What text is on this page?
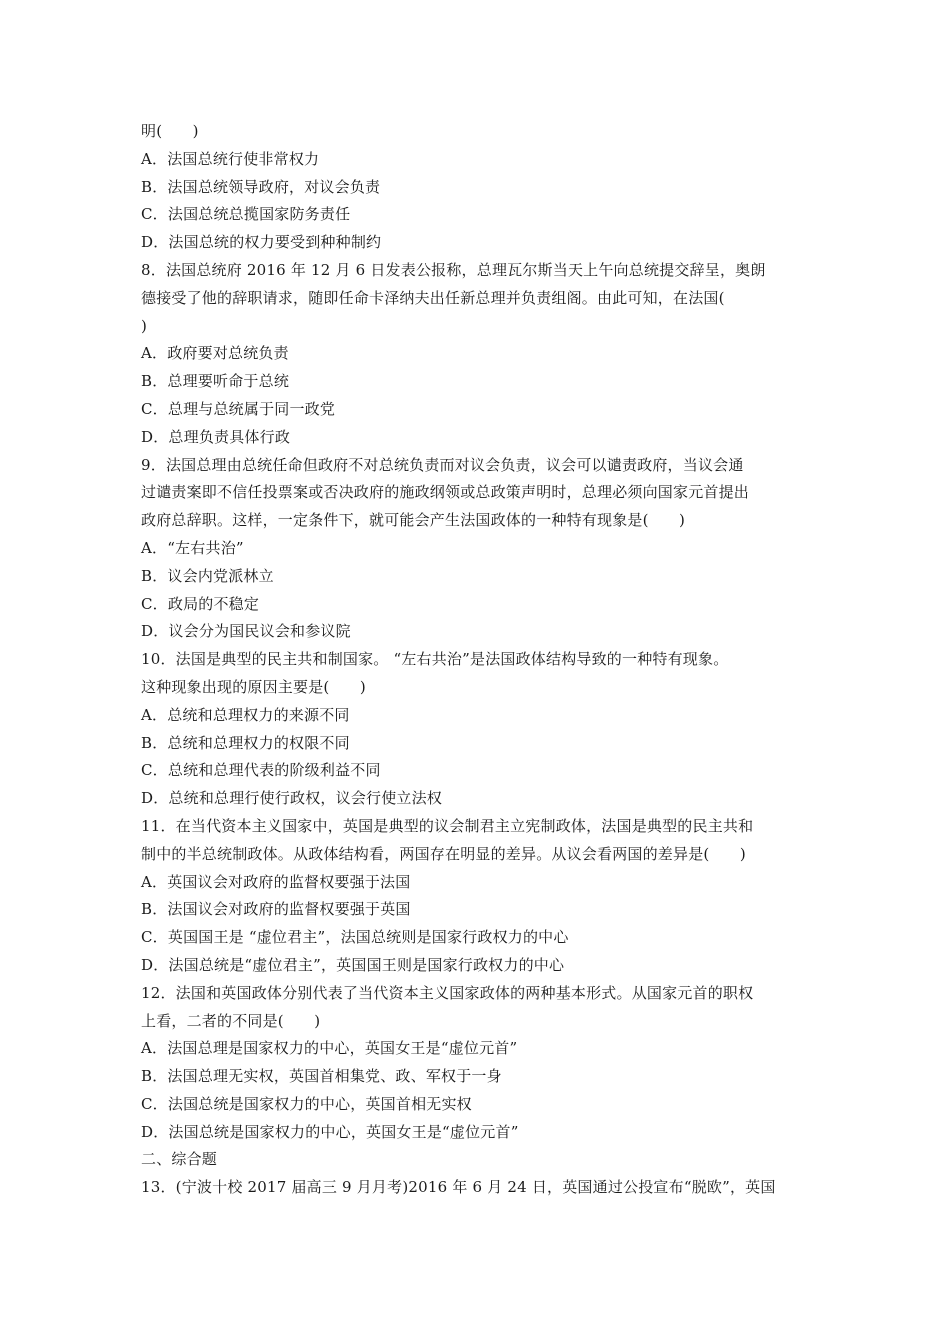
明(　　)
A．法国总统行使非常权力
B．法国总统领导政府，对议会负责
C．法国总统总揽国家防务责任
D．法国总统的权力要受到种种制约
8．法国总统府 2016 年 12 月 6 日发表公报称，总理瓦尔斯当天上午向总统提交辞呈，奥朗
德接受了他的辞职请求，随即任命卡泽纳夫出任新总理并负责组阁。由此可知，在法国(
)
A．政府要对总统负责
B．总理要听命于总统
C．总理与总统属于同一政党
D．总理负责具体行政
9．法国总理由总统任命但政府不对总统负责而对议会负责，议会可以谴责政府，当议会通
过谴责案即不信任投票案或否决政府的施政纲领或总政策声明时，总理必须向国家元首提出
政府总辞职。这样，一定条件下，就可能会产生法国政体的一种特有现象是(　　)
A．“左右共治”
B．议会内党派林立
C．政局的不稳定
D．议会分为国民议会和参议院
10．法国是典型的民主共和制国家。 “左右共治”是法国政体结构导致的一种特有现象。
这种现象出现的原因主要是(　　)
A．总统和总理权力的来源不同
B．总统和总理权力的权限不同
C．总统和总理代表的阶级利益不同
D．总统和总理行使行政权，议会行使立法权
11．在当代资本主义国家中，英国是典型的议会制君主立宪制政体，法国是典型的民主共和
制中的半总统制政体。从政体结构看，两国存在明显的差异。从议会看两国的差异是(　　)
A．英国议会对政府的监督权要强于法国
B．法国议会对政府的监督权要强于英国
C．英国国王是 “虚位君主”，法国总统则是国家行政权力的中心
D．法国总统是“虚位君主”，英国国王则是国家行政权力的中心
12．法国和英国政体分别代表了当代资本主义国家政体的两种基本形式。从国家元首的职权
上看，二者的不同是(　　)
A．法国总理是国家权力的中心，英国女王是“虚位元首”
B．法国总理无实权，英国首相集党、政、军权于一身
C．法国总统是国家权力的中心，英国首相无实权
D．法国总统是国家权力的中心，英国女王是“虚位元首”
二、综合题
13．(宁波十校 2017 届高三 9 月月考)2016 年 6 月 24 日，英国通过公投宣布“脱欧”，英国
